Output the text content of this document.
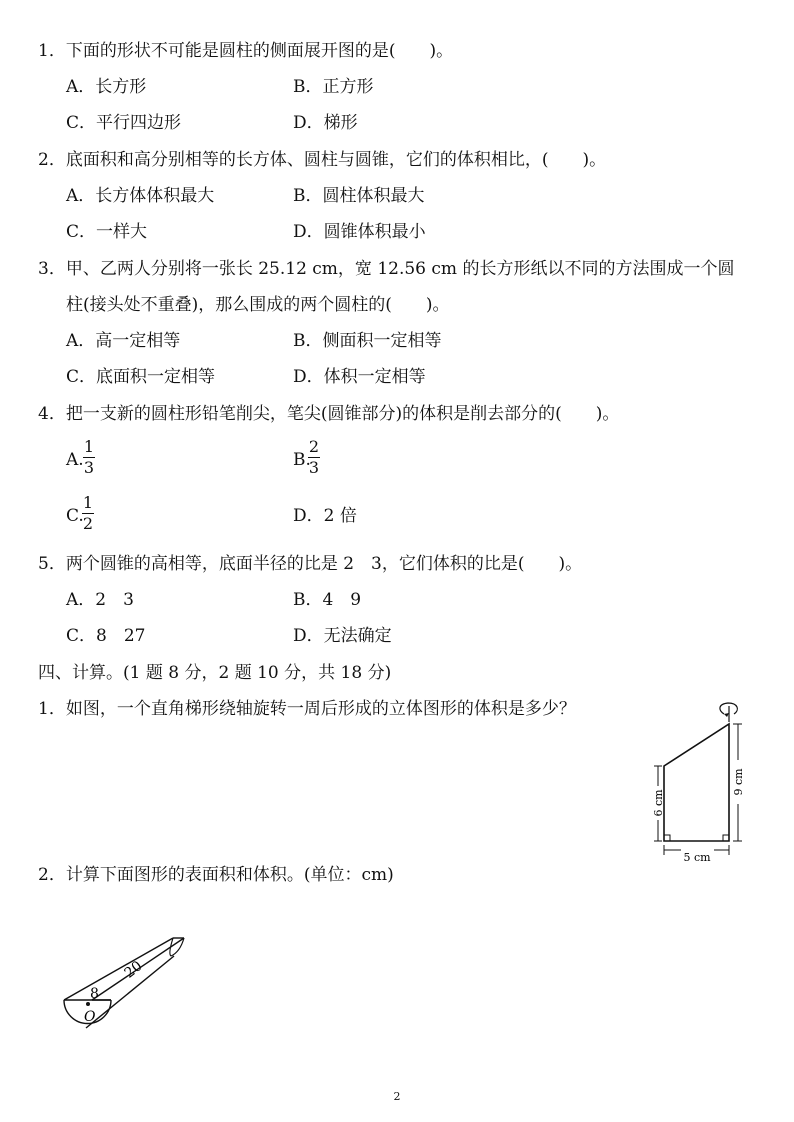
1．下面的形状不可能是圆柱的侧面展开图的是(　　)。
A．长方形	B．正方形
C．平行四边形	D．梯形
2．底面积和高分别相等的长方体、圆柱与圆锥，它们的体积相比，(　　)。
A．长方体体积最大	B．圆柱体积最大
C．一样大	D．圆锥体积最小
3．甲、乙两人分别将一张长 25.12 cm，宽 12.56 cm 的长方形纸以不同的方法围成一个圆
柱(接头处不重叠)，那么围成的两个圆柱的(　　)。
A．高一定相等	B．侧面积一定相等
C．底面积一定相等	D．体积一定相等
4．把一支新的圆柱形铅笔削尖，笔尖(圆锥部分)的体积是削去部分的(　　)。
A.
1
3	B.
2
3
C.
1
2	D．2 倍
5．两个圆锥的高相等，底面半径的比是 2　3，它们体积的比是(　　)。
A．2　3	B．4　9
C．8　27	D．无法确定
四、计算。(1 题 8 分，2 题 10 分，共 18 分)
1．如图，一个直角梯形绕轴旋转一周后形成的立体图形的体积是多少？
6 cm
9 cm
5 cm
2．计算下面图形的表面积和体积。(单位：cm)
8
O
20
2
